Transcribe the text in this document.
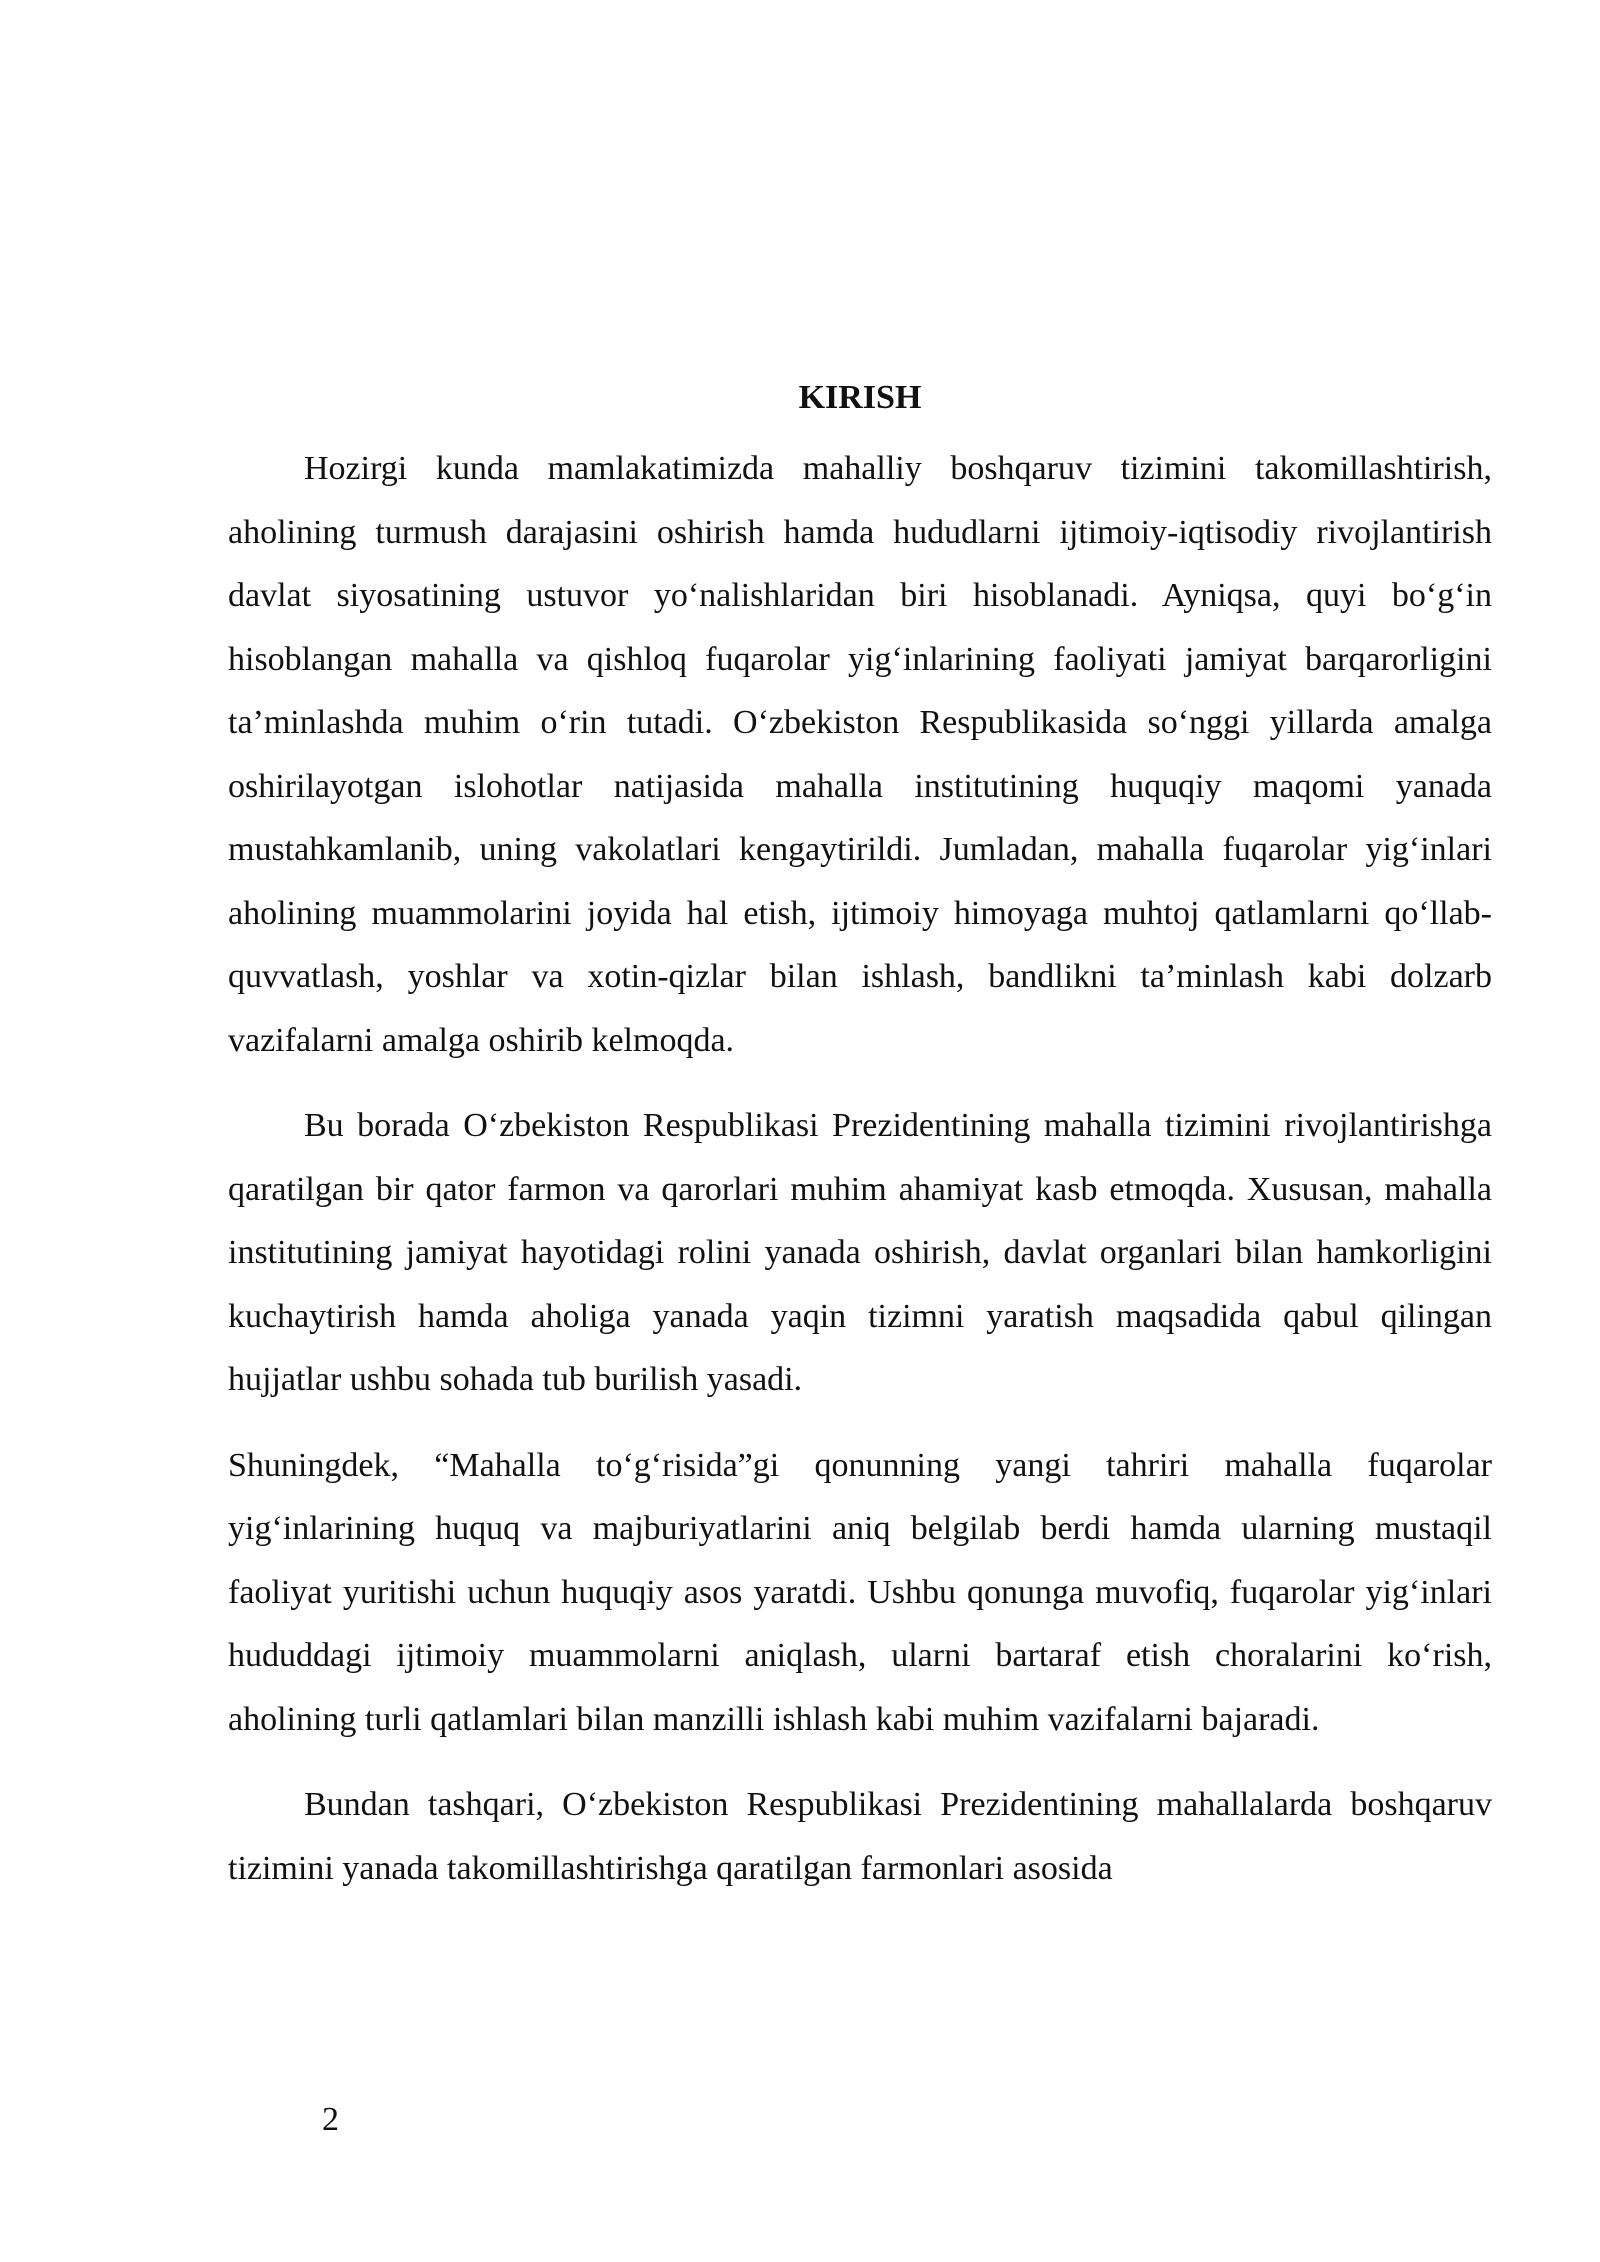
KIRISH

Hozirgi kunda mamlakatimizda mahalliy boshqaruv tizimini takomillashtirish, aholining turmush darajasini oshirish hamda hududlarni ijtimoiy-iqtisodiy rivojlantirish davlat siyosatining ustuvor yo‘nalishlaridan biri hisoblanadi. Ayniqsa, quyi bo‘g‘in hisoblangan mahalla va qishloq fuqarolar yig‘inlarining faoliyati jamiyat barqarorligini ta’minlashda muhim o‘rin tutadi. O‘zbekiston Respublikasida so‘nggi yillarda amalga oshirilayotgan islohotlar natijasida mahalla institutining huquqiy maqomi yanada mustahkamlanib, uning vakolatlari kengaytirildi. Jumladan, mahalla fuqarolar yig‘inlari aholining muammolarini joyida hal etish, ijtimoiy himoyaga muhtoj qatlamlarni qo‘llab-quvvatlash, yoshlar va xotin-qizlar bilan ishlash, bandlikni ta’minlash kabi dolzarb vazifalarni amalga oshirib kelmoqda.

Bu borada O‘zbekiston Respublikasi Prezidentining mahalla tizimini rivojlantirishga qaratilgan bir qator farmon va qarorlari muhim ahamiyat kasb etmoqda. Xususan, mahalla institutining jamiyat hayotidagi rolini yanada oshirish, davlat organlari bilan hamkorligini kuchaytirish hamda aholiga yanada yaqin tizimni yaratish maqsadida qabul qilingan hujjatlar ushbu sohada tub burilish yasadi.

Shuningdek, “Mahalla to‘g‘risida”gi qonunning yangi tahriri mahalla fuqarolar yig‘inlarining huquq va majburiyatlarini aniq belgilab berdi hamda ularning mustaqil faoliyat yuritishi uchun huquqiy asos yaratdi. Ushbu qonunga muvofiq, fuqarolar yig‘inlari hududdagi ijtimoiy muammolarni aniqlash, ularni bartaraf etish choralarini ko‘rish, aholining turli qatlamlari bilan manzilli ishlash kabi muhim vazifalarni bajaradi.

Bundan tashqari, O‘zbekiston Respublikasi Prezidentining mahallalarda boshqaruv tizimini yanada takomillashtirishga qaratilgan farmonlari asosida

2
